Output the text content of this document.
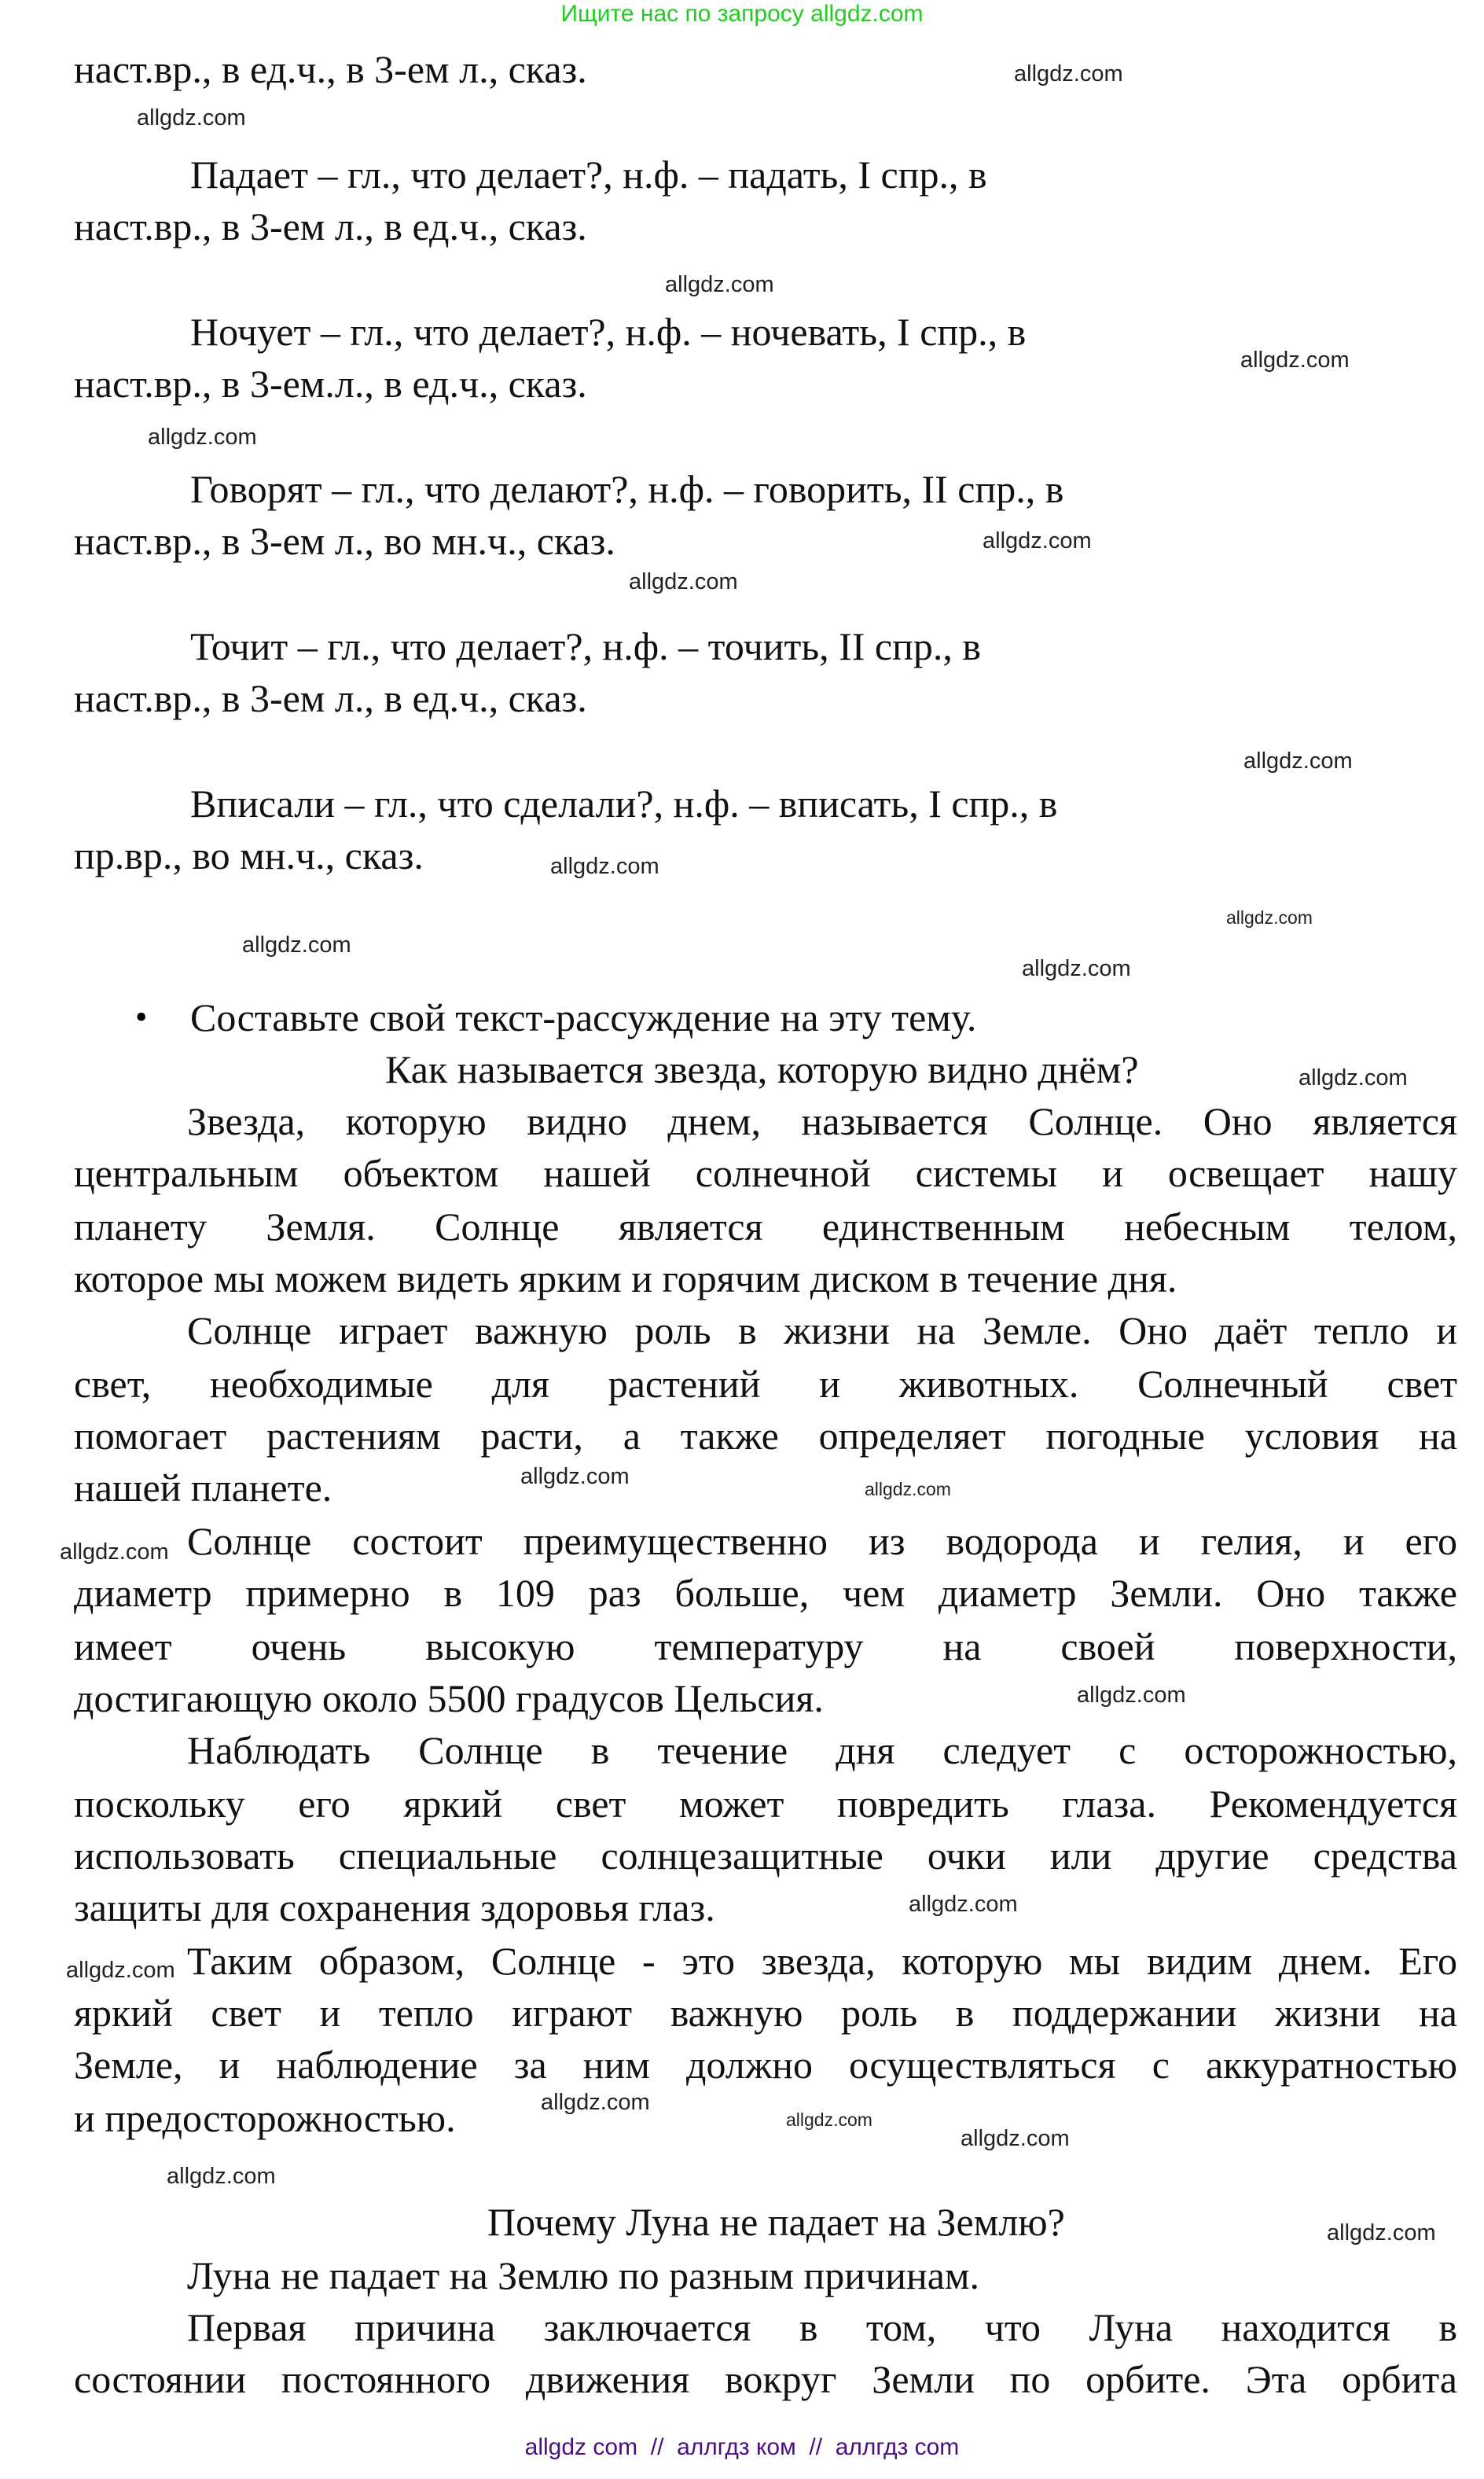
Ищите нас по запросу allgdz.com
наст.вр., в ед.ч., в 3-ем л., сказ.
Падает – гл., что делает?, н.ф. – падать, I спр., в
наст.вр., в 3-ем л., в ед.ч., сказ.
Ночует – гл., что делает?, н.ф. – ночевать, I спр., в
наст.вр., в 3-ем.л., в ед.ч., сказ.
Говорят – гл., что делают?, н.ф. – говорить, II спр., в
наст.вр., в 3-ем л., во мн.ч., сказ.
Точит – гл., что делает?, н.ф. – точить, II спр., в
наст.вр., в 3-ем л., в ед.ч., сказ.
Вписали – гл., что сделали?, н.ф. – вписать, I спр., в
пр.вр., во мн.ч., сказ.
• Составьте свой текст-рассуждение на эту тему.
Как называется звезда, которую видно днём?
Звезда, которую видно днем, называется Солнце. Оно является
центральным объектом нашей солнечной системы и освещает нашу
планету Земля. Солнце является единственным небесным телом,
которое мы можем видеть ярким и горячим диском в течение дня.
Солнце играет важную роль в жизни на Земле. Оно даёт тепло и
свет, необходимые для растений и животных. Солнечный свет
помогает растениям расти, а также определяет погодные условия на
нашей планете.
Солнце состоит преимущественно из водорода и гелия, и его
диаметр примерно в 109 раз больше, чем диаметр Земли. Оно также
имеет очень высокую температуру на своей поверхности,
достигающую около 5500 градусов Цельсия.
Наблюдать Солнце в течение дня следует с осторожностью,
поскольку его яркий свет может повредить глаза. Рекомендуется
использовать специальные солнцезащитные очки или другие средства
защиты для сохранения здоровья глаз.
Таким образом, Солнце - это звезда, которую мы видим днем. Его
яркий свет и тепло играют важную роль в поддержании жизни на
Земле, и наблюдение за ним должно осуществляться с аккуратностью
и предосторожностью.
Почему Луна не падает на Землю?
Луна не падает на Землю по разным причинам.
Первая причина заключается в том, что Луна находится в
состоянии постоянного движения вокруг Земли по орбите. Эта орбита
allgdz.com
allgdz.com
allgdz.com
allgdz.com
allgdz.com
allgdz.com
allgdz.com
allgdz.com
allgdz.com
allgdz.com
allgdz.com
allgdz.com
allgdz.com
allgdz.com
allgdz.com
allgdz.com
allgdz.com
allgdz.com
allgdz.com
allgdz.com
allgdz.com
allgdz.com
allgdz.com
allgdz.com
allgdz com  //  аллгдз ком  //  аллгдз com
